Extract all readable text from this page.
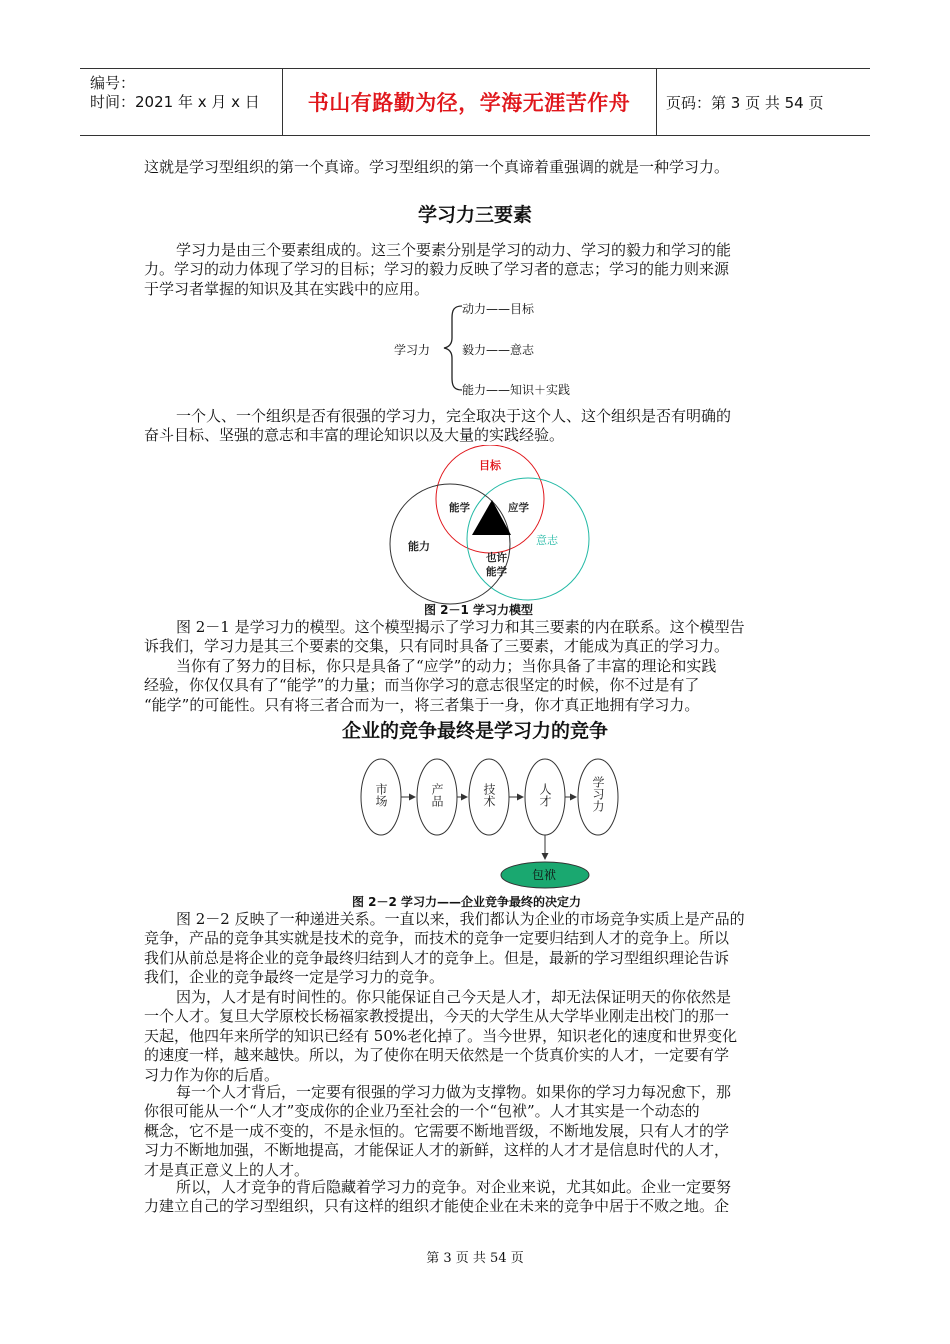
编号：
时间：2021 年 x 月 x 日 书山有路勤为径，学海无涯苦作舟	页码：第 3 页 共 54 页
这就是学习型组织的第一个真谛。学习型组织的第一个真谛着重强调的就是一种学习力。
学习力三要素
学习力是由三个要素组成的。这三个要素分别是学习的动力、学习的毅力和学习的能
力。学习的动力体现了学习的目标；学习的毅力反映了学习者的意志；学习的能力则来源
于学习者掌握的知识及其在实践中的应用。
学习力
动力——目标
毅力——意志
能力——知识＋实践
一个人、一个组织是否有很强的学习力，完全取决于这个人、这个组织是否有明确的
奋斗目标、坚强的意志和丰富的理论知识以及大量的实践经验。
目标
意志
能力
能学	应学
也许
能学
图 2－1 学习力模型
图 2－1 是学习力的模型。这个模型揭示了学习力和其三要素的内在联系。这个模型告
诉我们，学习力是其三个要素的交集，只有同时具备了三要素，才能成为真正的学习力。
当你有了努力的目标，你只是具备了“应学”的动力；当你具备了丰富的理论和实践
经验，你仅仅具有了“能学”的力量；而当你学习的意志很坚定的时候，你不过是有了
“能学”的可能性。只有将三者合而为一，将三者集于一身，你才真正地拥有学习力。
企业的竞争最终是学习力的竞争
市场	产品	技术	人才	学习力
包袱
图 2－2 学习力——企业竞争最终的决定力
图 2－2 反映了一种递进关系。一直以来，我们都认为企业的市场竞争实质上是产品的
竞争，产品的竞争其实就是技术的竞争，而技术的竞争一定要归结到人才的竞争上。所以
我们从前总是将企业的竞争最终归结到人才的竞争上。但是，最新的学习型组织理论告诉
我们，企业的竞争最终一定是学习力的竞争。
因为，人才是有时间性的。你只能保证自己今天是人才，却无法保证明天的你依然是
一个人才。复旦大学原校长杨福家教授提出，今天的大学生从大学毕业刚走出校门的那一
天起，他四年来所学的知识已经有 50%老化掉了。当今世界，知识老化的速度和世界变化
的速度一样，越来越快。所以，为了使你在明天依然是一个货真价实的人才，一定要有学
习力作为你的后盾。
每一个人才背后，一定要有很强的学习力做为支撑物。如果你的学习力每况愈下，那
你很可能从一个“人才”变成你的企业乃至社会的一个“包袱”。人才其实是一个动态的
概念，它不是一成不变的，不是永恒的。它需要不断地晋级，不断地发展，只有人才的学
习力不断地加强，不断地提高，才能保证人才的新鲜，这样的人才才是信息时代的人才，
才是真正意义上的人才。
所以，人才竞争的背后隐藏着学习力的竞争。对企业来说，尤其如此。企业一定要努
力建立自己的学习型组织，只有这样的组织才能使企业在未来的竞争中居于不败之地。企
第 3 页 共 54 页
